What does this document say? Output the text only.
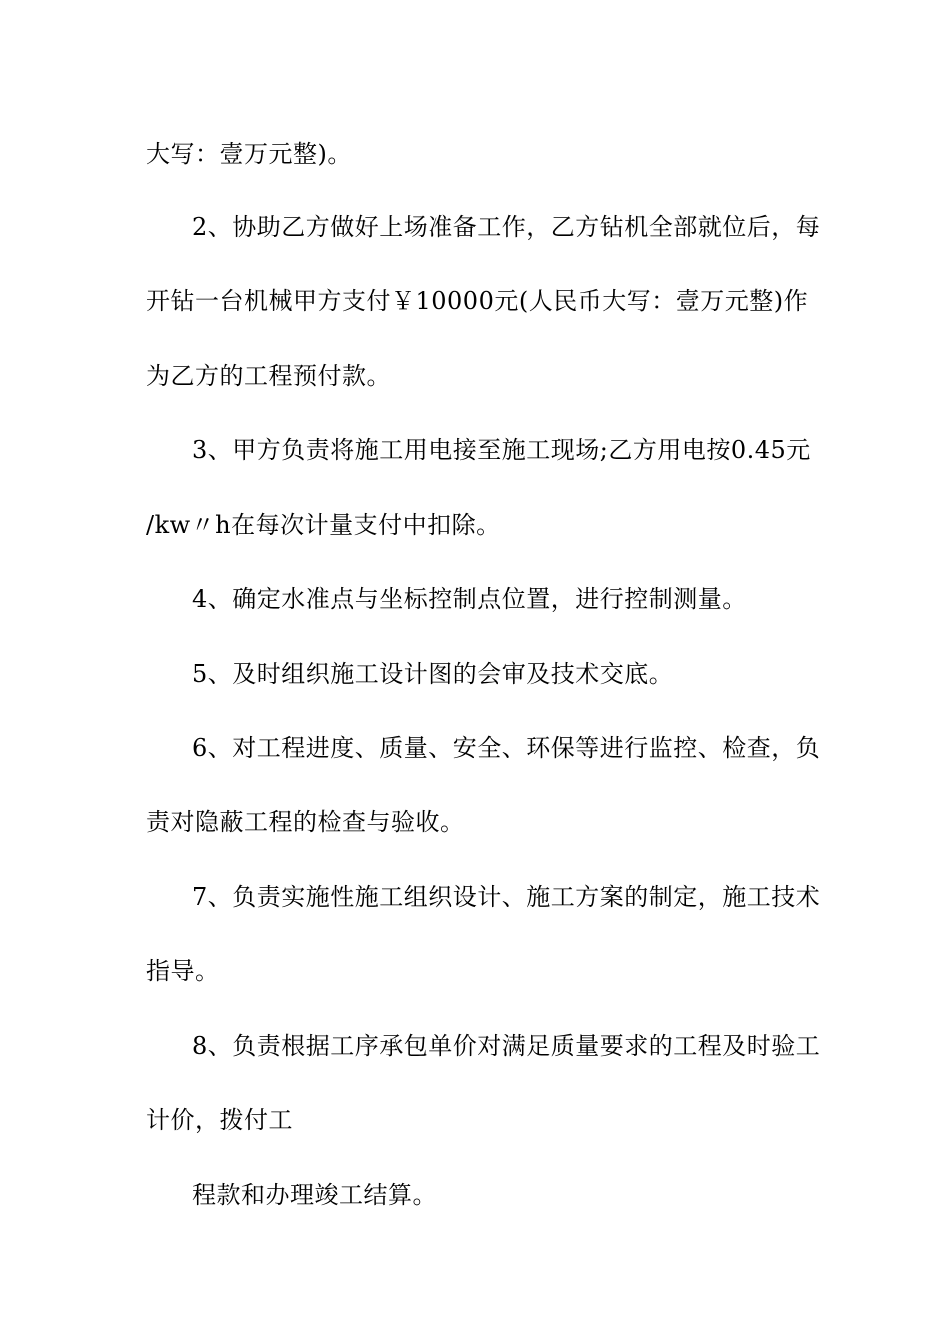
大写：壹万元整)。
2、协助乙方做好上场准备工作，乙方钻机全部就位后，每
开钻一台机械甲方支付￥10000元(人民币大写：壹万元整)作
为乙方的工程预付款。
3、甲方负责将施工用电接至施工现场;乙方用电按0.45元
/kw〃h在每次计量支付中扣除。
4、确定水准点与坐标控制点位置，进行控制测量。
5、及时组织施工设计图的会审及技术交底。
6、对工程进度、质量、安全、环保等进行监控、检查，负
责对隐蔽工程的检查与验收。
7、负责实施性施工组织设计、施工方案的制定，施工技术
指导。
8、负责根据工序承包单价对满足质量要求的工程及时验工
计价，拨付工
程款和办理竣工结算。
